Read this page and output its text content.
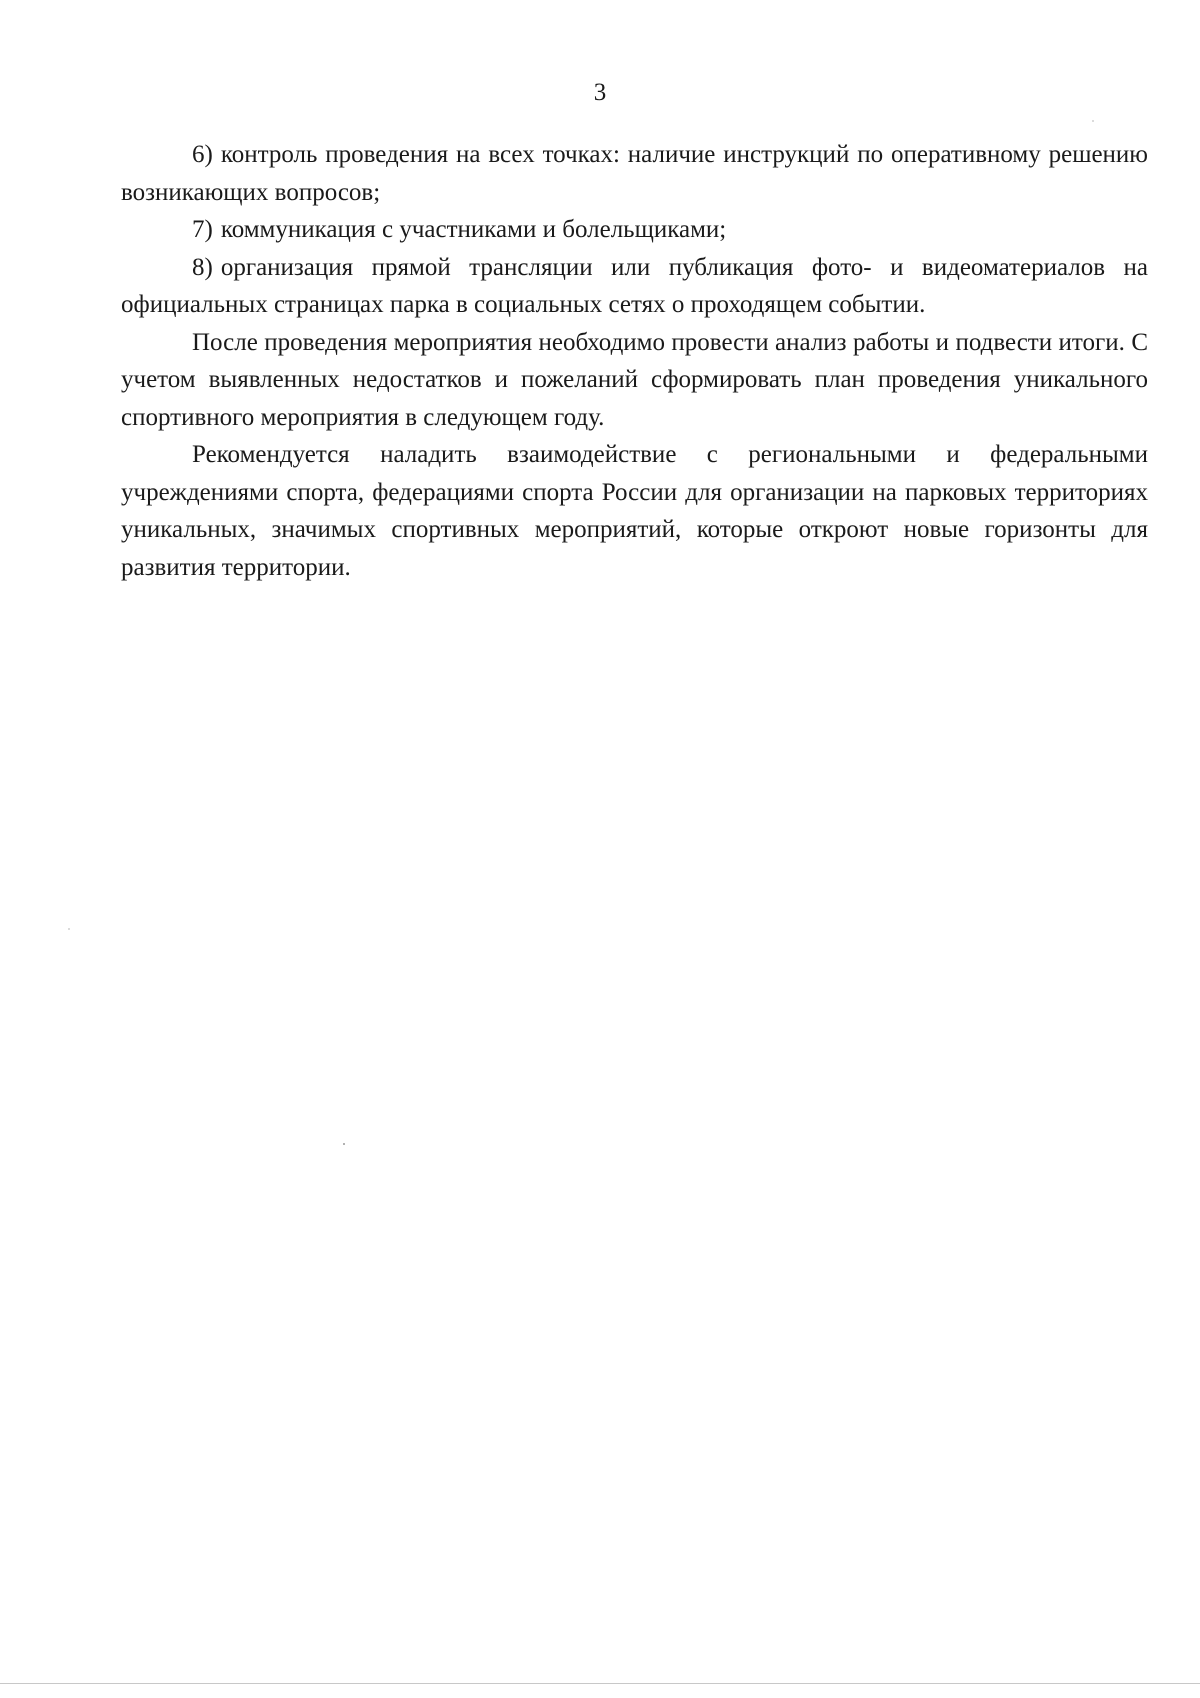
3

6) контроль проведения на всех точках: наличие инструкций по оперативному решению возникающих вопросов;

7) коммуникация с участниками и болельщиками;

8) организация прямой трансляции или публикация фото- и видеоматериалов на официальных страницах парка в социальных сетях о проходящем событии.

После проведения мероприятия необходимо провести анализ работы и подвести итоги. С учетом выявленных недостатков и пожеланий сформировать план проведения уникального спортивного мероприятия в следующем году.

Рекомендуется наладить взаимодействие с региональными и федеральными учреждениями спорта, федерациями спорта России для организации на парковых территориях уникальных, значимых спортивных мероприятий, которые откроют новые горизонты для развития территории.
